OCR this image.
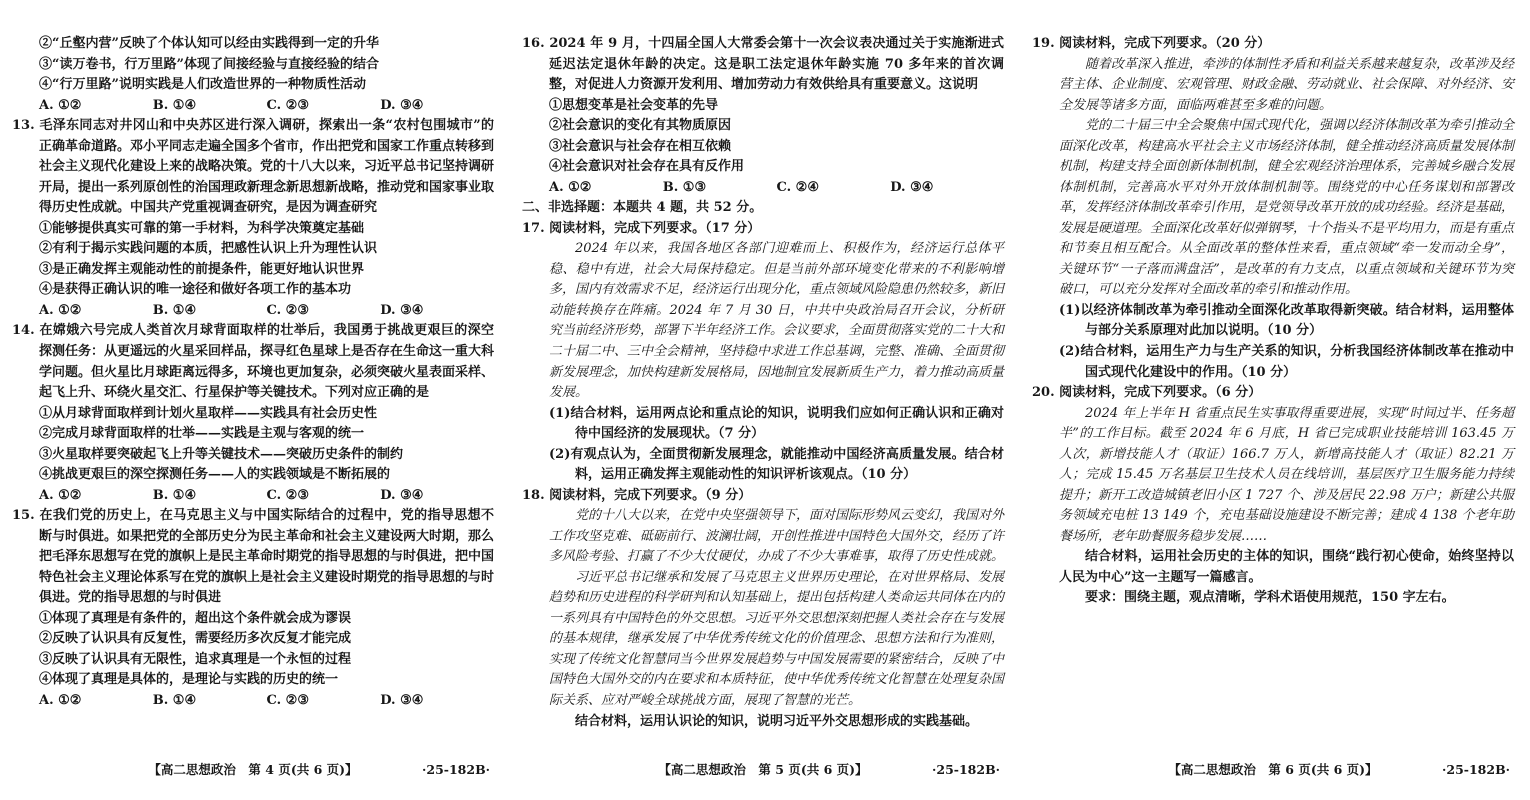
②“丘壑内营”反映了个体认知可以经由实践得到一定的升华

③“读万卷书，行万里路”体现了间接经验与直接经验的结合

④“行万里路”说明实践是人们改造世界的一种物质性活动

A. ①②	B. ①④	C. ②③	D. ③④

13. 毛泽东同志对井冈山和中央苏区进行深入调研，探索出一条“农村包围城市”的正确革命道路。邓小平同志走遍全国多个省市，作出把党和国家工作重点转移到社会主义现代化建设上来的战略决策。党的十八大以来，习近平总书记坚持调研开局，提出一系列原创性的治国理政新理念新思想新战略，推动党和国家事业取得历史性成就。中国共产党重视调查研究，是因为调查研究

①能够提供真实可靠的第一手材料，为科学决策奠定基础

②有利于揭示实践问题的本质，把感性认识上升为理性认识

③是正确发挥主观能动性的前提条件，能更好地认识世界

④是获得正确认识的唯一途径和做好各项工作的基本功

A. ①②	B. ①④	C. ②③	D. ③④

14. 在嫦娥六号完成人类首次月球背面取样的壮举后，我国勇于挑战更艰巨的深空探测任务：从更遥远的火星采回样品，探寻红色星球上是否存在生命这一重大科学问题。但火星比月球距离远得多，环境也更加复杂，必须突破火星表面采样、起飞上升、环绕火星交汇、行星保护等关键技术。下列对应正确的是

①从月球背面取样到计划火星取样——实践具有社会历史性

②完成月球背面取样的壮举——实践是主观与客观的统一

③火星取样要突破起飞上升等关键技术——突破历史条件的制约

④挑战更艰巨的深空探测任务——人的实践领域是不断拓展的

A. ①②	B. ①④	C. ②③	D. ③④

15. 在我们党的历史上，在马克思主义与中国实际结合的过程中，党的指导思想不断与时俱进。如果把党的全部历史分为民主革命和社会主义建设两大时期，那么把毛泽东思想写在党的旗帜上是民主革命时期党的指导思想的与时俱进，把中国特色社会主义理论体系写在党的旗帜上是社会主义建设时期党的指导思想的与时俱进。党的指导思想的与时俱进

①体现了真理是有条件的，超出这个条件就会成为谬误

②反映了认识具有反复性，需要经历多次反复才能完成

③反映了认识具有无限性，追求真理是一个永恒的过程

④体现了真理是具体的，是理论与实践的历史的统一

A. ①②	B. ①④	C. ②③	D. ③④
【高二思想政治　第 4 页(共 6 页)】	·25-182B·

16. 2024 年 9 月，十四届全国人大常委会第十一次会议表决通过关于实施渐进式延迟法定退休年龄的决定。这是职工法定退休年龄实施 70 多年来的首次调整，对促进人力资源开发利用、增加劳动力有效供给具有重要意义。这说明

①思想变革是社会变革的先导

②社会意识的变化有其物质原因

③社会意识与社会存在相互依赖

④社会意识对社会存在具有反作用

A. ①②	B. ①③	C. ②④	D. ③④

二、非选择题：本题共 4 题，共 52 分。

17. 阅读材料，完成下列要求。（17 分）

2024 年以来，我国各地区各部门迎难而上、积极作为，经济运行总体平稳、稳中有进，社会大局保持稳定。但是当前外部环境变化带来的不利影响增多，国内有效需求不足，经济运行出现分化，重点领域风险隐患仍然较多，新旧动能转换存在阵痛。2024 年 7 月 30 日，中共中央政治局召开会议，分析研究当前经济形势，部署下半年经济工作。会议要求，全面贯彻落实党的二十大和二十届二中、三中全会精神，坚持稳中求进工作总基调，完整、准确、全面贯彻新发展理念，加快构建新发展格局，因地制宜发展新质生产力，着力推动高质量发展。

(1)结合材料，运用两点论和重点论的知识，说明我们应如何正确认识和正确对待中国经济的发展现状。（7 分）

(2)有观点认为，全面贯彻新发展理念，就能推动中国经济高质量发展。结合材料，运用正确发挥主观能动性的知识评析该观点。（10 分）

18. 阅读材料，完成下列要求。（9 分）

党的十八大以来，在党中央坚强领导下，面对国际形势风云变幻，我国对外工作攻坚克难、砥砺前行、波澜壮阔，开创性推进中国特色大国外交，经历了许多风险考验、打赢了不少大仗硬仗，办成了不少大事难事，取得了历史性成就。

习近平总书记继承和发展了马克思主义世界历史理论，在对世界格局、发展趋势和历史进程的科学研判和认知基础上，提出包括构建人类命运共同体在内的一系列具有中国特色的外交思想。习近平外交思想深刻把握人类社会存在与发展的基本规律，继承发展了中华优秀传统文化的价值理念、思想方法和行为准则，实现了传统文化智慧同当今世界发展趋势与中国发展需要的紧密结合，反映了中国特色大国外交的内在要求和本质特征，使中华优秀传统文化智慧在处理复杂国际关系、应对严峻全球挑战方面，展现了智慧的光芒。

结合材料，运用认识论的知识，说明习近平外交思想形成的实践基础。

【高二思想政治　第 5 页(共 6 页)】	·25-182B·

19. 阅读材料，完成下列要求。（20 分）

随着改革深入推进，牵涉的体制性矛盾和利益关系越来越复杂，改革涉及经营主体、企业制度、宏观管理、财政金融、劳动就业、社会保障、对外经济、安全发展等诸多方面，面临两难甚至多难的问题。

党的二十届三中全会聚焦中国式现代化，强调以经济体制改革为牵引推动全面深化改革，构建高水平社会主义市场经济体制，健全推动经济高质量发展体制机制，构建支持全面创新体制机制，健全宏观经济治理体系，完善城乡融合发展体制机制，完善高水平对外开放体制机制等。围绕党的中心任务谋划和部署改革，发挥经济体制改革牵引作用，是党领导改革开放的成功经验。经济是基础，发展是硬道理。全面深化改革好似弹钢琴，十个指头不是平均用力，而是有重点和节奏且相互配合。从全面改革的整体性来看，重点领域“牵一发而动全身”，关键环节“一子落而满盘活”，是改革的有力支点，以重点领域和关键环节为突破口，可以充分发挥对全面改革的牵引和推动作用。

(1)以经济体制改革为牵引推动全面深化改革取得新突破。结合材料，运用整体与部分关系原理对此加以说明。（10 分）

(2)结合材料，运用生产力与生产关系的知识，分析我国经济体制改革在推动中国式现代化建设中的作用。（10 分）

20. 阅读材料，完成下列要求。（6 分）

2024 年上半年 H 省重点民生实事取得重要进展，实现“时间过半、任务超半”的工作目标。截至 2024 年 6 月底，H 省已完成职业技能培训 163.45 万人次，新增技能人才（取证）166.7 万人，新增高技能人才（取证）82.21 万人；完成 15.45 万名基层卫生技术人员在线培训，基层医疗卫生服务能力持续提升；新开工改造城镇老旧小区 1 727 个、涉及居民 22.98 万户；新建公共服务领域充电桩 13 149 个，充电基础设施建设不断完善；建成 4 138 个老年助餐场所，老年助餐服务稳步发展……

结合材料，运用社会历史的主体的知识，围绕“践行初心使命，始终坚持以人民为中心”这一主题写一篇感言。

要求：围绕主题，观点清晰，学科术语使用规范，150 字左右。

【高二思想政治　第 6 页(共 6 页)】	·25-182B·
